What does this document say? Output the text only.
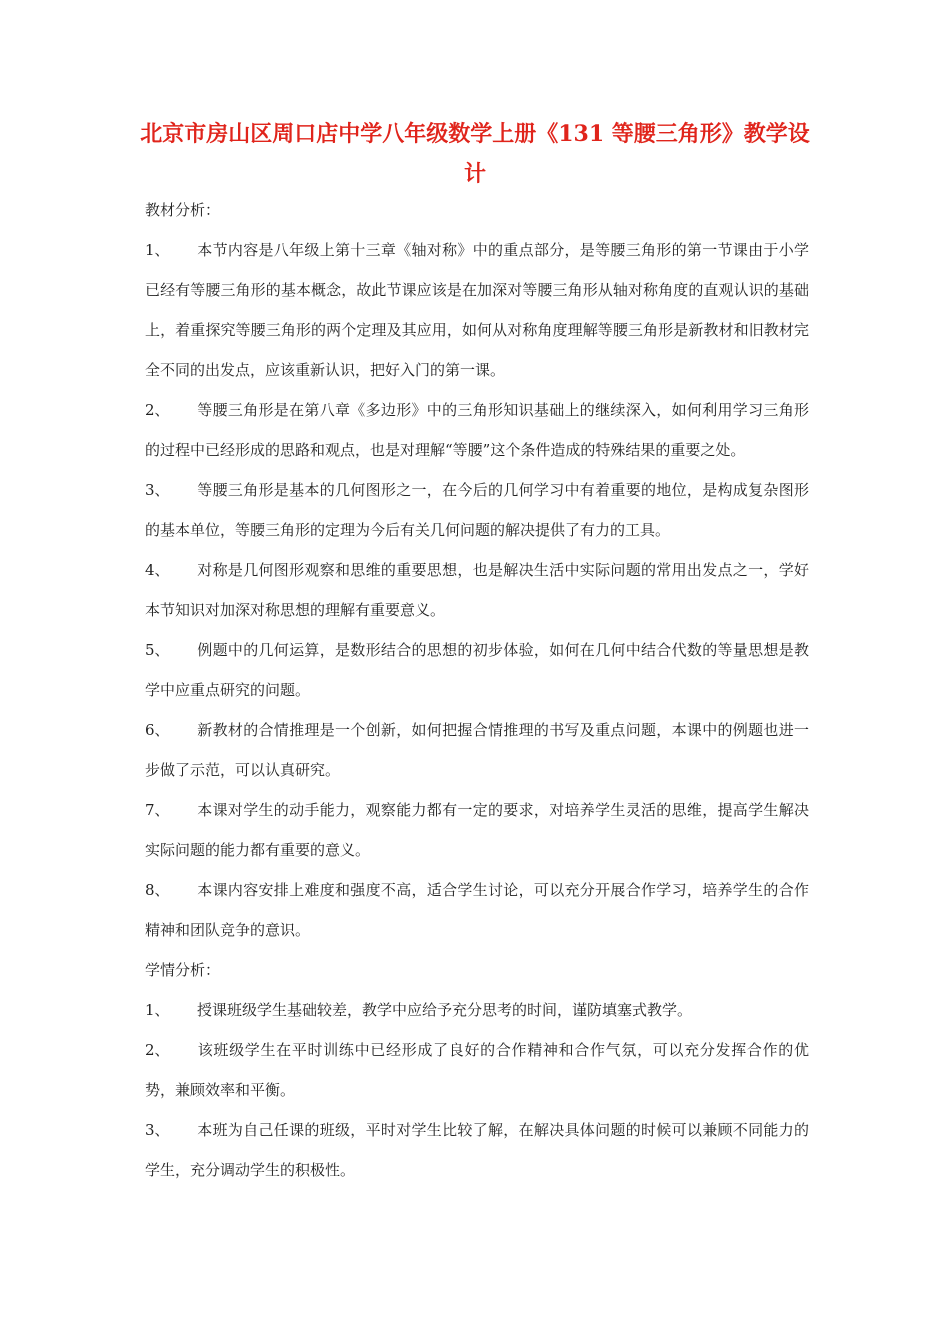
北京市房山区周口店中学八年级数学上册《131 等腰三角形》教学设计
教材分析：
1、 本节内容是八年级上第十三章《轴对称》中的重点部分，是等腰三角形的第一节课由于小学已经有等腰三角形的基本概念，故此节课应该是在加深对等腰三角形从轴对称角度的直观认识的基础上，着重探究等腰三角形的两个定理及其应用，如何从对称角度理解等腰三角形是新教材和旧教材完全不同的出发点，应该重新认识，把好入门的第一课。
2、 等腰三角形是在第八章《多边形》中的三角形知识基础上的继续深入，如何利用学习三角形的过程中已经形成的思路和观点，也是对理解“等腰”这个条件造成的特殊结果的重要之处。
3、 等腰三角形是基本的几何图形之一，在今后的几何学习中有着重要的地位，是构成复杂图形的基本单位，等腰三角形的定理为今后有关几何问题的解决提供了有力的工具。
4、 对称是几何图形观察和思维的重要思想，也是解决生活中实际问题的常用出发点之一，学好本节知识对加深对称思想的理解有重要意义。
5、 例题中的几何运算，是数形结合的思想的初步体验，如何在几何中结合代数的等量思想是教学中应重点研究的问题。
6、 新教材的合情推理是一个创新，如何把握合情推理的书写及重点问题，本课中的例题也进一步做了示范，可以认真研究。
7、 本课对学生的动手能力，观察能力都有一定的要求，对培养学生灵活的思维，提高学生解决实际问题的能力都有重要的意义。
8、 本课内容安排上难度和强度不高，适合学生讨论，可以充分开展合作学习，培养学生的合作精神和团队竞争的意识。
学情分析：
1、 授课班级学生基础较差，教学中应给予充分思考的时间，谨防填塞式教学。
2、 该班级学生在平时训练中已经形成了良好的合作精神和合作气氛，可以充分发挥合作的优势，兼顾效率和平衡。
3、 本班为自己任课的班级，平时对学生比较了解，在解决具体问题的时候可以兼顾不同能力的学生，充分调动学生的积极性。
